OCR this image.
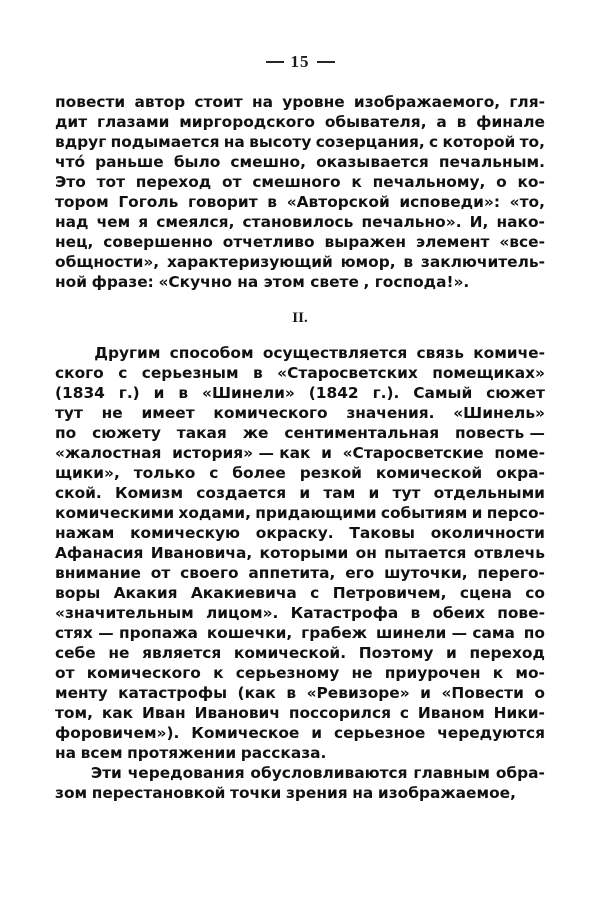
15
повести автор стоит на уровне изображаемого, гля-
дит глазами миргородского обывателя, а в финале
вдруг подымается на высоту созерцания, с которой то,
чтó раньше было смешно, оказывается печальным.
Это тот переход от смешного к печальному, о ко-
тором Гоголь говорит в «Авторской исповеди»: «то,
над чем я смеялся, становилось печально». И, нако-
нец, совершенно отчетливо выражен элемент «все-
общности», характеризующий юмор, в заключитель-
ной фразе: «Скучно на этом свете , господа!».
II.
Другим способом осуществляется связь комиче-
ского с серьезным в «Старосветских помещиках»
(1834 г.) и в «Шинели» (1842 г.). Самый сюжет
тут не имеет комического значения. «Шинель»
по сюжету такая же сентиментальная повесть —
«жалостная история» — как и «Старосветские поме-
щики», только с более резкой комической окра-
ской. Комизм создается и там и тут отдельными
комическими ходами, придающими событиям и персо-
нажам комическую окраску. Таковы околичности
Афанасия Ивановича, которыми он пытается отвлечь
внимание от своего аппетита, его шуточки, перего-
воры Акакия Акакиевича с Петровичем, сцена со
«значительным лицом». Катастрофа в обеих пове-
стях — пропажа кошечки, грабеж шинели — сама по
себе не является комической. Поэтому и переход
от комического к серьезному не приурочен к мо-
менту катастрофы (как в «Ревизоре» и «Повести о
том, как Иван Иванович поссорился с Иваном Ники-
форовичем»). Комическое и серьезное чередуются
на всем протяжении рассказа.
Эти чередования обусловливаются главным обра-
зом перестановкой точки зрения на изображаемое,
